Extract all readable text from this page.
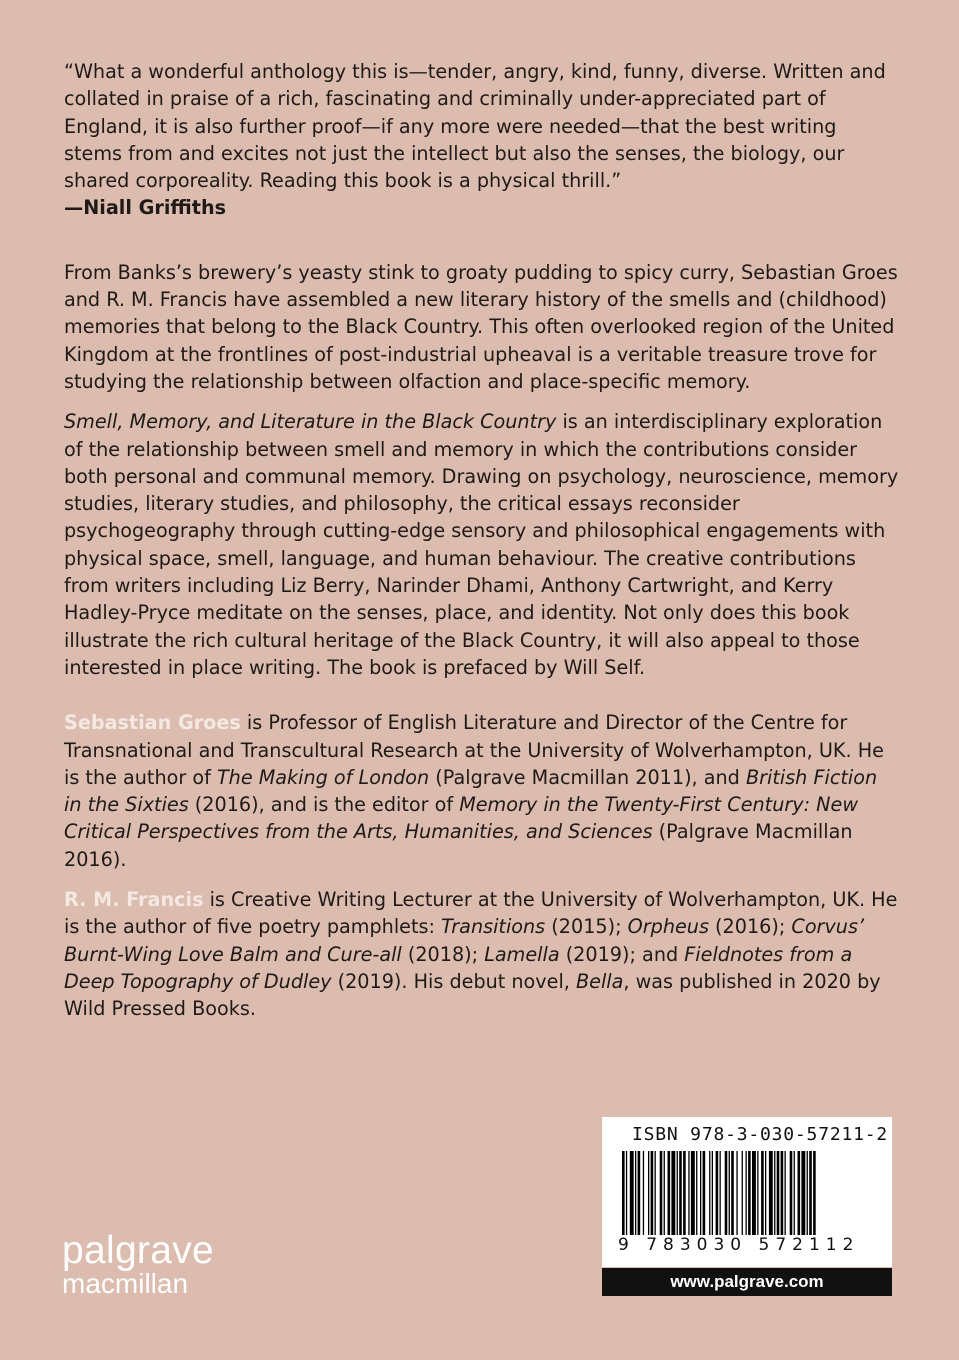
“What a wonderful anthology this is—tender, angry, kind, funny, diverse. Written and collated in praise of a rich, fascinating and criminally under-appreciated part of England, it is also further proof—if any more were needed—that the best writing stems from and excites not just the intellect but also the senses, the biology, our shared corporeality. Reading this book is a physical thrill.”

—Niall Griffiths

From Banks’s brewery’s yeasty stink to groaty pudding to spicy curry, Sebastian Groes and R. M. Francis have assembled a new literary history of the smells and (childhood) memories that belong to the Black Country. This often overlooked region of the United Kingdom at the frontlines of post-industrial upheaval is a veritable treasure trove for studying the relationship between olfaction and place-specific memory.

Smell, Memory, and Literature in the Black Country is an interdisciplinary exploration of the relationship between smell and memory in which the contributions consider both personal and communal memory. Drawing on psychology, neuroscience, memory studies, literary studies, and philosophy, the critical essays reconsider psychogeography through cutting-edge sensory and philosophical engagements with physical space, smell, language, and human behaviour. The creative contributions from writers including Liz Berry, Narinder Dhami, Anthony Cartwright, and Kerry Hadley-Pryce meditate on the senses, place, and identity. Not only does this book illustrate the rich cultural heritage of the Black Country, it will also appeal to those interested in place writing. The book is prefaced by Will Self.

Sebastian Groes is Professor of English Literature and Director of the Centre for Transnational and Transcultural Research at the University of Wolverhampton, UK. He is the author of The Making of London (Palgrave Macmillan 2011), and British Fiction in the Sixties (2016), and is the editor of Memory in the Twenty-First Century: New Critical Perspectives from the Arts, Humanities, and Sciences (Palgrave Macmillan 2016).

R. M. Francis is Creative Writing Lecturer at the University of Wolverhampton, UK. He is the author of five poetry pamphlets: Transitions (2015); Orpheus (2016); Corvus’ Burnt-Wing Love Balm and Cure-all (2018); Lamella (2019); and Fieldnotes from a Deep Topography of Dudley (2019). His debut novel, Bella, was published in 2020 by Wild Pressed Books.

palgrave
macmillan
ISBN 978-3-030-57211-2
9 783030 572112
www.palgrave.com
